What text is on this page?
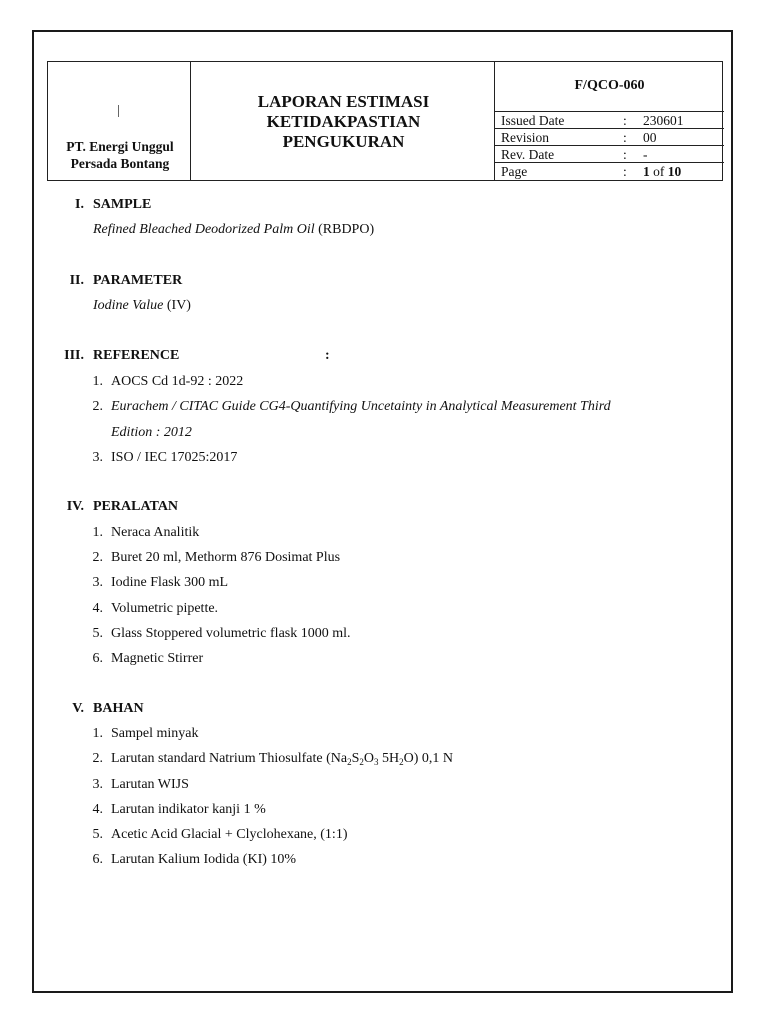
PT. Energi Unggul
Persada Bontang
LAPORAN ESTIMASI
KETIDAKPASTIAN
PENGUKURAN
F/QCO-060
Issued Date	: 230601
Revision	: 00
Rev. Date	: -
Page	: 1 of 10
I. SAMPLE
Refined Bleached Deodorized Palm Oil (RBDPO)
II. PARAMETER
Iodine Value (IV)
III. REFERENCE	:
1. AOCS Cd 1d-92 : 2022
2. Eurachem / CITAC Guide CG4-Quantifying Uncetainty in Analytical Measurement Third
Edition : 2012
3. ISO / IEC 17025:2017
IV. PERALATAN
1. Neraca Analitik
2. Buret 20 ml, Methorm 876 Dosimat Plus
3. Iodine Flask 300 mL
4. Volumetric pipette.
5. Glass Stoppered volumetric flask 1000 ml.
6. Magnetic Stirrer
V. BAHAN
1. Sampel minyak
2. Larutan standard Natrium Thiosulfate ($Na_2S_2O_3$ $5H_2O$) 0,1 N
3. Larutan WIJS
4. Larutan indikator kanji 1 %
5. Acetic Acid Glacial + Clyclohexane, (1:1)
6. Larutan Kalium Iodida (KI) 10%
